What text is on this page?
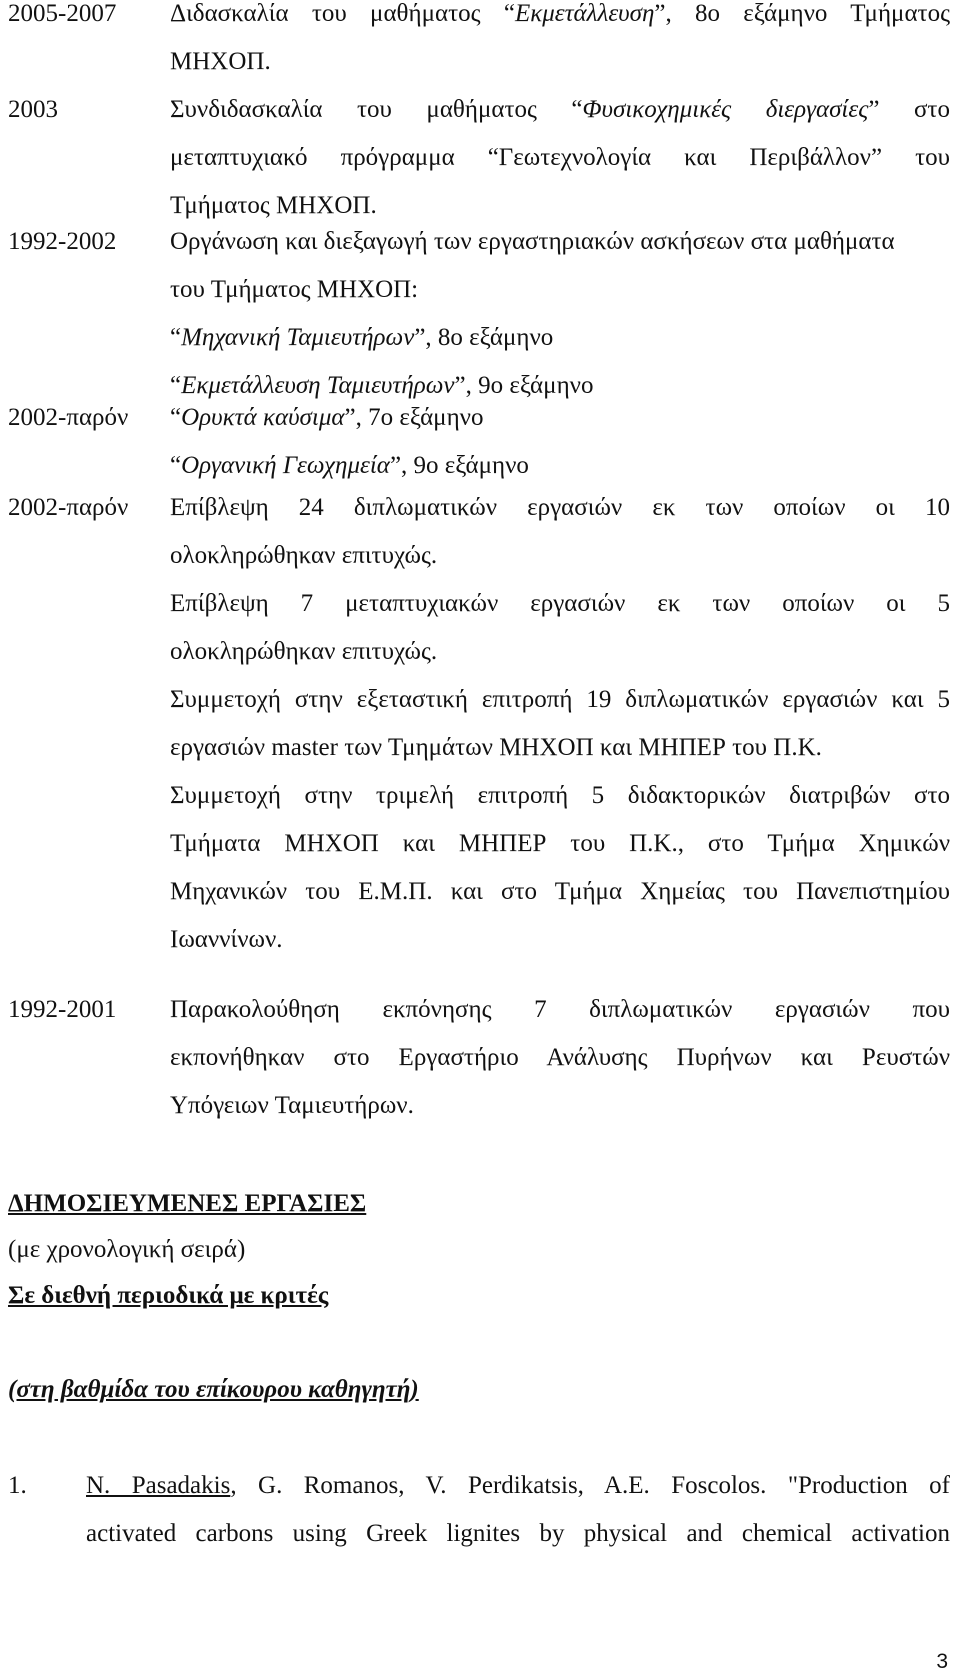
2005-2007	Διδασκαλία του μαθήματος “Εκμετάλλευση”, 8ο εξάμηνο Τμήματος
ΜΗΧΟΠ.
2003	Συνδιδασκαλία του μαθήματος “Φυσικοχημικές διεργασίες” στο
μεταπτυχιακό πρόγραμμα “Γεωτεχνολογία και Περιβάλλον” του
Τμήματος ΜΗΧΟΠ.
1992-2002	Οργάνωση και διεξαγωγή των εργαστηριακών ασκήσεων στα μαθήματα
του Τμήματος ΜΗΧΟΠ:
“Μηχανική Ταμιευτήρων”, 8ο εξάμηνο
“Εκμετάλλευση Ταμιευτήρων”, 9ο εξάμηνο
2002-παρόν	“Ορυκτά καύσιμα”, 7ο εξάμηνο
“Οργανική Γεωχημεία”, 9ο εξάμηνο
2002-παρόν	Επίβλεψη 24 διπλωματικών εργασιών εκ των οποίων οι 10
ολοκληρώθηκαν επιτυχώς.
Επίβλεψη 7 μεταπτυχιακών εργασιών εκ των οποίων οι 5
ολοκληρώθηκαν επιτυχώς.
Συμμετοχή στην εξεταστική επιτροπή 19 διπλωματικών εργασιών και 5
εργασιών master των Τμημάτων ΜΗΧΟΠ και ΜΗΠΕΡ του Π.Κ.
Συμμετοχή στην τριμελή επιτροπή 5 διδακτορικών διατριβών στο
Τμήματα ΜΗΧΟΠ και ΜΗΠΕΡ του Π.Κ., στο Τμήμα Χημικών
Μηχανικών του Ε.Μ.Π. και στο Τμήμα Χημείας του Πανεπιστημίου
Ιωαννίνων.
1992-2001	Παρακολούθηση εκπόνησης 7 διπλωματικών εργασιών που
εκπονήθηκαν στο Εργαστήριο Ανάλυσης Πυρήνων και Ρευστών
Υπόγειων Ταμιευτήρων.
ΔΗΜΟΣΙΕΥΜΕΝΕΣ ΕΡΓΑΣΙΕΣ
(με χρονολογική σειρά)
Σε διεθνή περιοδικά με κριτές
(στη βαθμίδα του επίκουρου καθηγητή)
1.	N. Pasadakis, G. Romanos, V. Perdikatsis, A.E. Foscolos. "Production of
activated carbons using Greek lignites by physical and chemical activation
3
